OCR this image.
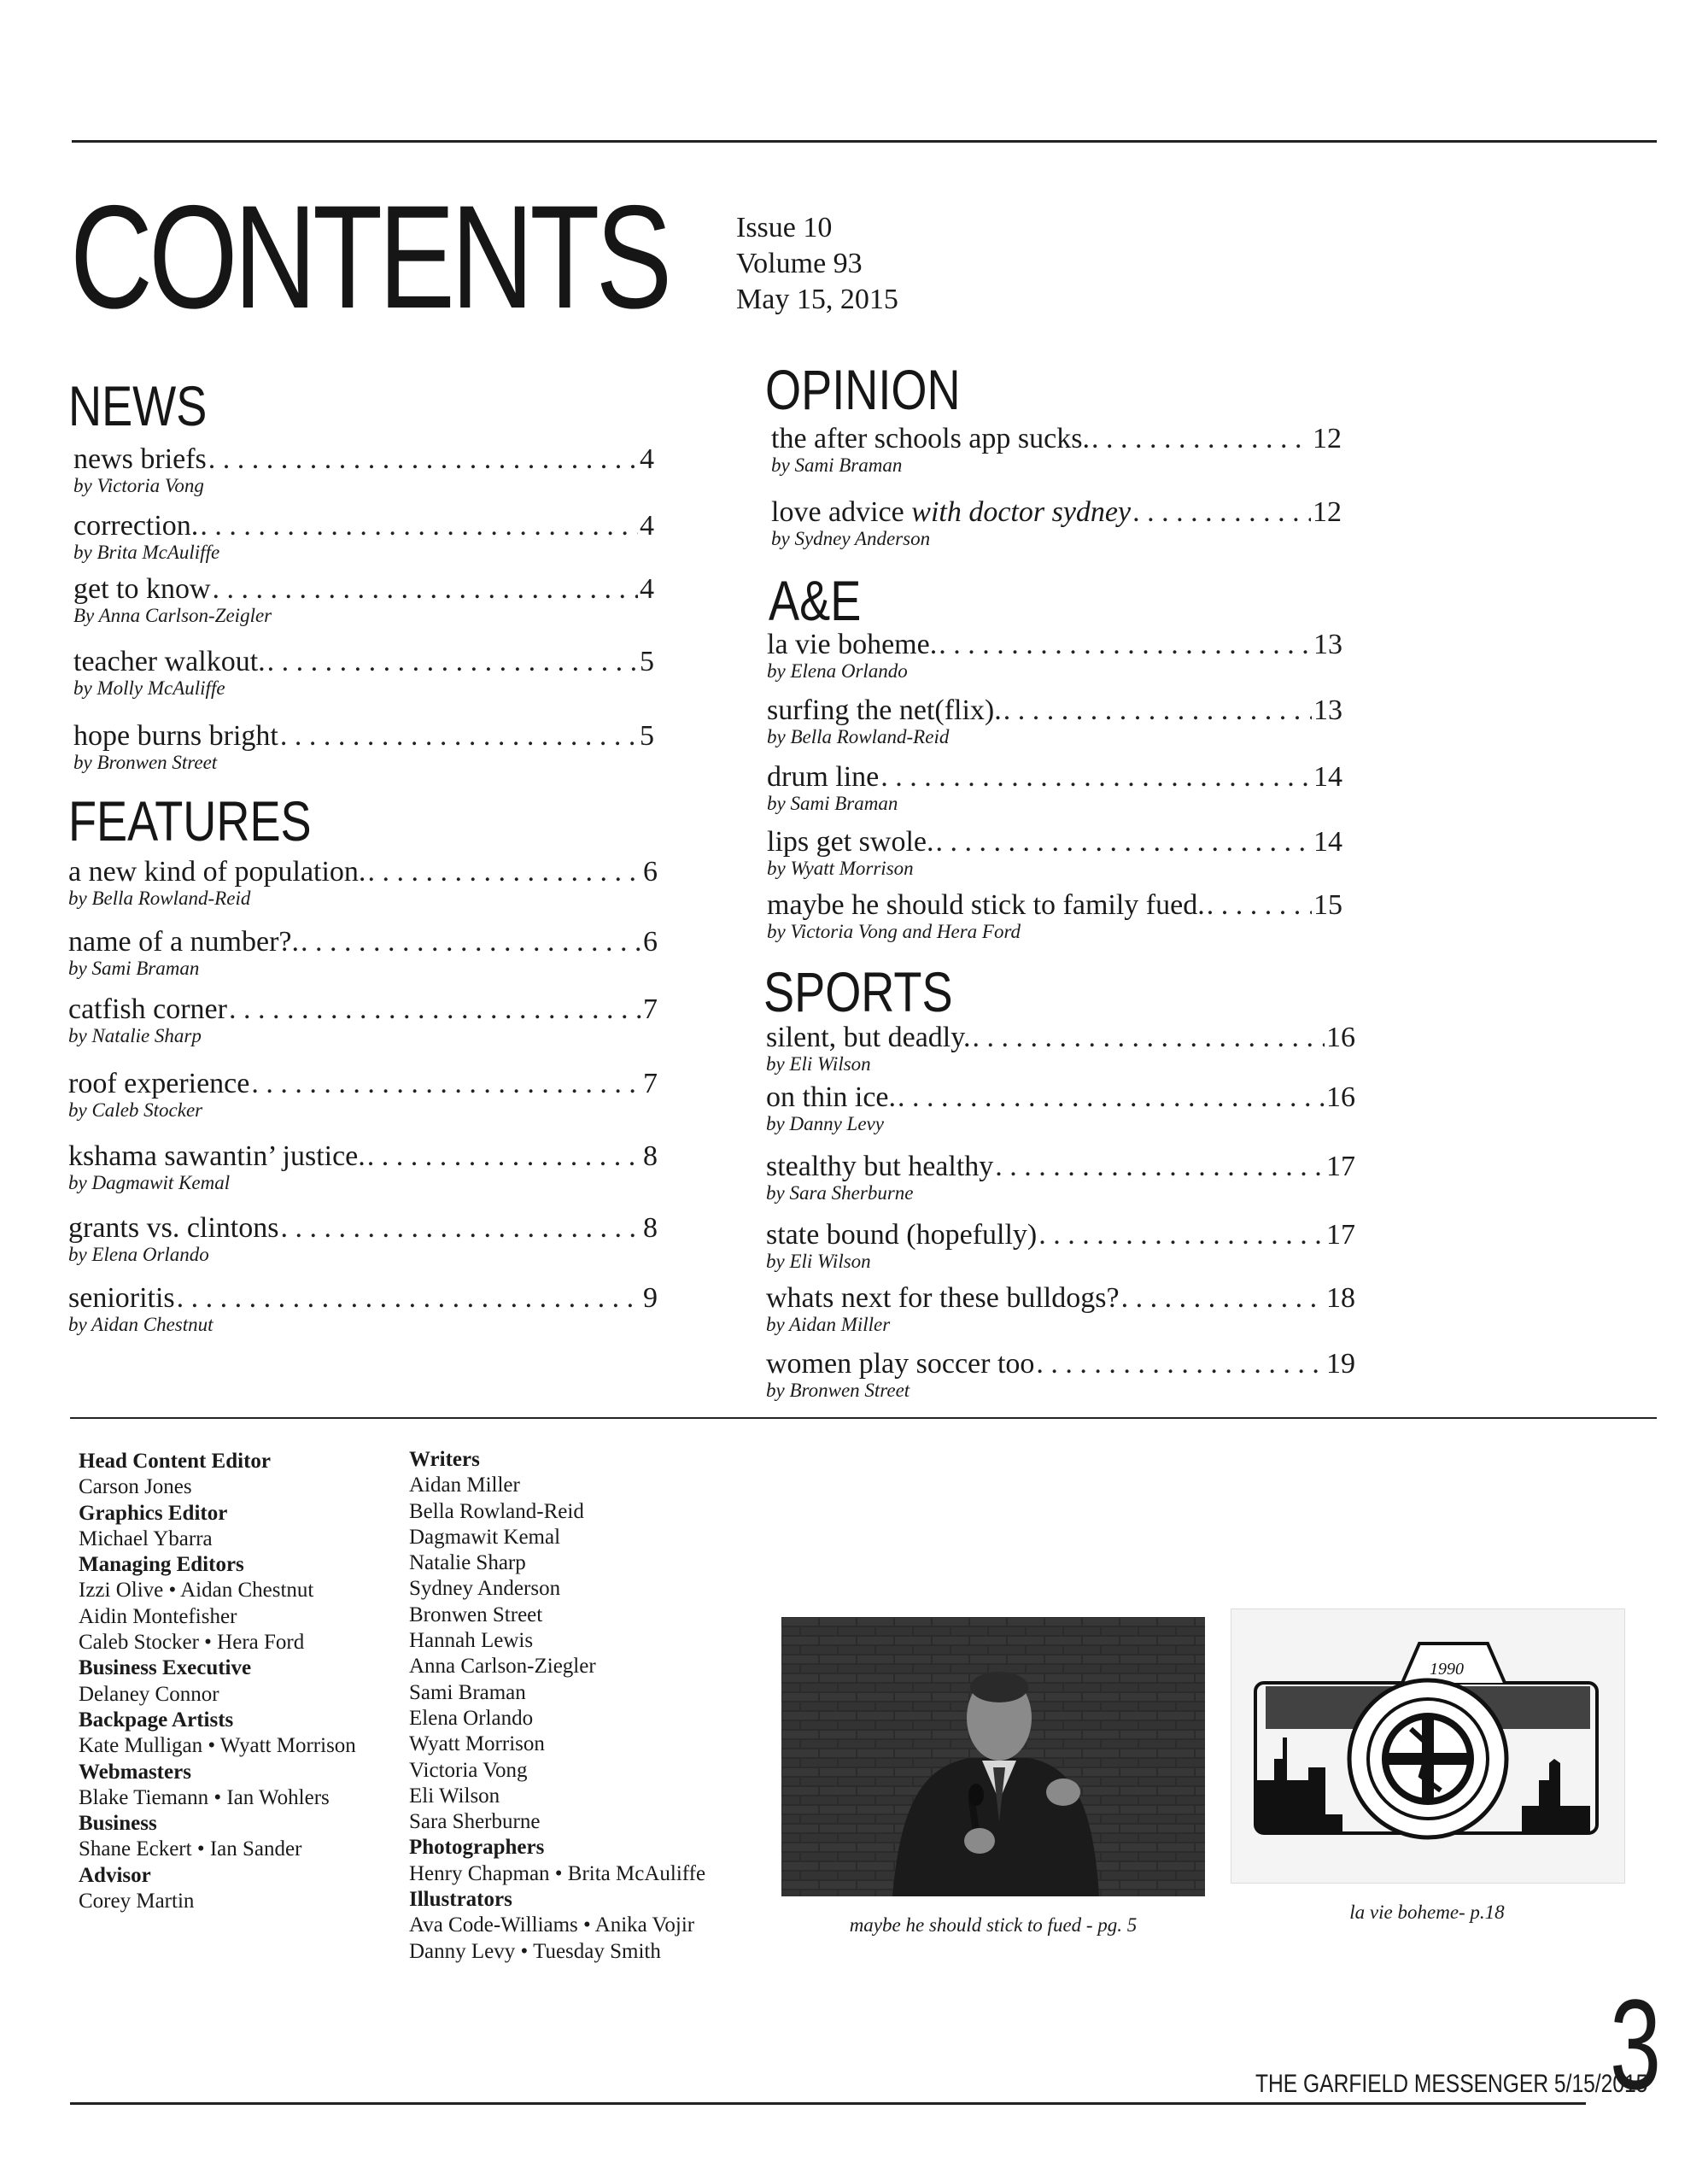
CONTENTS Issue 10
Volume 93
May 15, 2015
NEWS
news briefs . . .	4
by Victoria Vong
correction. . . .	4
by Brita McAuliffe
get to know . . .	4
By Anna Carlson-Zeigler
teacher walkout. . . .	5
by Molly McAuliffe
hope burns bright . . .	5
by Bronwen Street
FEATURES
a new kind of population. . . .	6
by Bella Rowland-Reid
name of a number?. . . .	6
by Sami Braman
catfish corner . . .	7
by Natalie Sharp
roof experience . . .	7
by Caleb Stocker
kshama sawantin’ justice. . . .	8
by Dagmawit Kemal
grants vs. clintons . . .	8
by Elena Orlando
senioritis . . .	9
by Aidan Chestnut
OPINION
the after schools app sucks. . . .	12
by Sami Braman
love advice with doctor sydney . . .	12
by Sydney Anderson
A&E
la vie boheme. . . .	13
by Elena Orlando
surfing the net(flix). . . .	13
by Bella Rowland-Reid
drum line . . .	14
by Sami Braman
lips get swole. . . .	14
by Wyatt Morrison
maybe he should stick to family fued. . . .	15
by Victoria Vong and Hera Ford
SPORTS
silent, but deadly. . . .	16
by Eli Wilson
on thin ice. . . .	16
by Danny Levy
stealthy but healthy . . .	17
by Sara Sherburne
state bound (hopefully) . . .	17
by Eli Wilson
whats next for these bulldogs? . . .	18
by Aidan Miller
women play soccer too . . .	19
by Bronwen Street
Head Content Editor
Carson Jones
Graphics Editor
Michael Ybarra
Managing Editors
Izzi Olive • Aidan Chestnut
Aidin Montefisher
Caleb Stocker • Hera Ford
Business Executive
Delaney Connor
Backpage Artists
Kate Mulligan • Wyatt Morrison
Webmasters
Blake Tiemann • Ian Wohlers
Business
Shane Eckert • Ian Sander
Advisor
Corey Martin
Writers
Aidan Miller
Bella Rowland-Reid
Dagmawit Kemal
Natalie Sharp
Sydney Anderson
Bronwen Street
Hannah Lewis
Anna Carlson-Ziegler
Sami Braman
Elena Orlando
Wyatt Morrison
Victoria Vong
Eli Wilson
Sara Sherburne
Photographers
Henry Chapman • Brita McAuliffe
Illustrators
Ava Code-Williams • Anika Vojir
Danny Levy • Tuesday Smith
maybe he should stick to fued - pg. 5
1990
la vie boheme- p.18
THE GARFIELD MESSENGER 5/15/2015
3
